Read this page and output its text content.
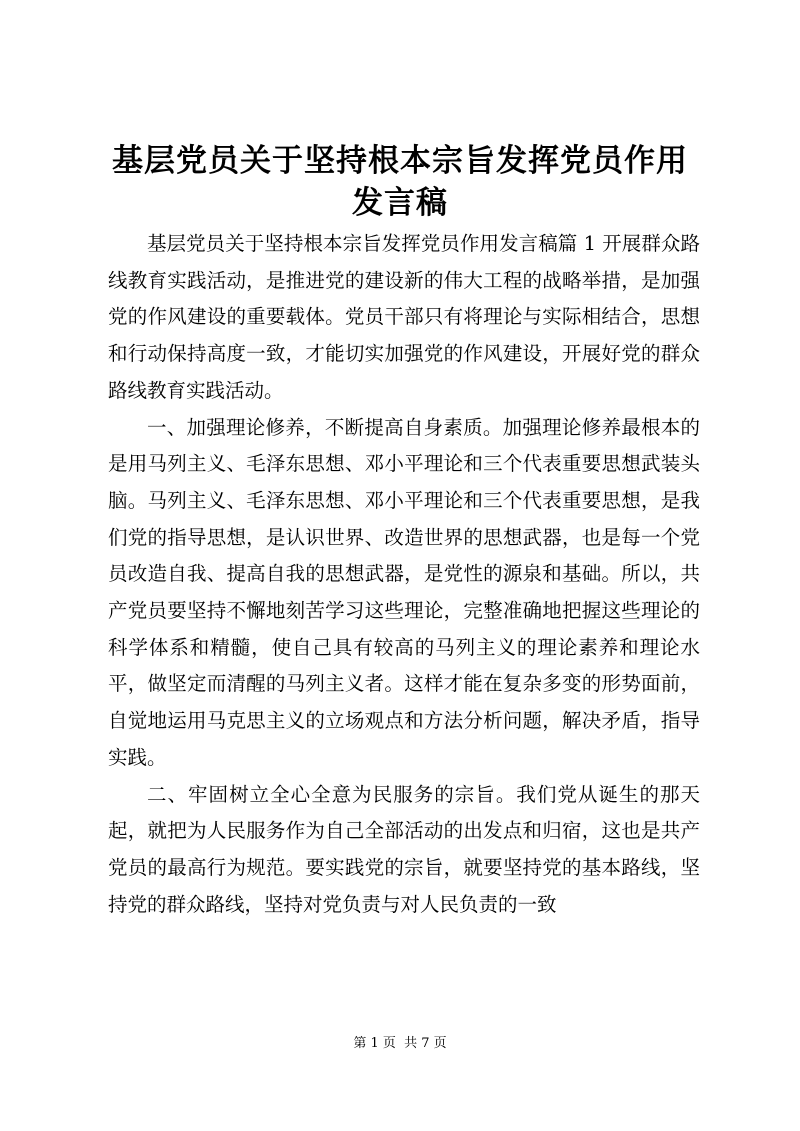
基层党员关于坚持根本宗旨发挥党员作用发言稿

基层党员关于坚持根本宗旨发挥党员作用发言稿篇 1 开展群众路线教育实践活动，是推进党的建设新的伟大工程的战略举措，是加强党的作风建设的重要载体。党员干部只有将理论与实际相结合，思想和行动保持高度一致，才能切实加强党的作风建设，开展好党的群众路线教育实践活动。

一、加强理论修养，不断提高自身素质。加强理论修养最根本的是用马列主义、毛泽东思想、邓小平理论和三个代表重要思想武装头脑。马列主义、毛泽东思想、邓小平理论和三个代表重要思想，是我们党的指导思想，是认识世界、改造世界的思想武器，也是每一个党员改造自我、提高自我的思想武器，是党性的源泉和基础。所以，共产党员要坚持不懈地刻苦学习这些理论，完整准确地把握这些理论的科学体系和精髓，使自己具有较高的马列主义的理论素养和理论水平，做坚定而清醒的马列主义者。这样才能在复杂多变的形势面前，自觉地运用马克思主义的立场观点和方法分析问题，解决矛盾，指导实践。

二、牢固树立全心全意为民服务的宗旨。我们党从诞生的那天起，就把为人民服务作为自己全部活动的出发点和归宿，这也是共产党员的最高行为规范。要实践党的宗旨，就要坚持党的基本路线，坚持党的群众路线，坚持对党负责与对人民负责的一致

第 1 页 共 7 页
